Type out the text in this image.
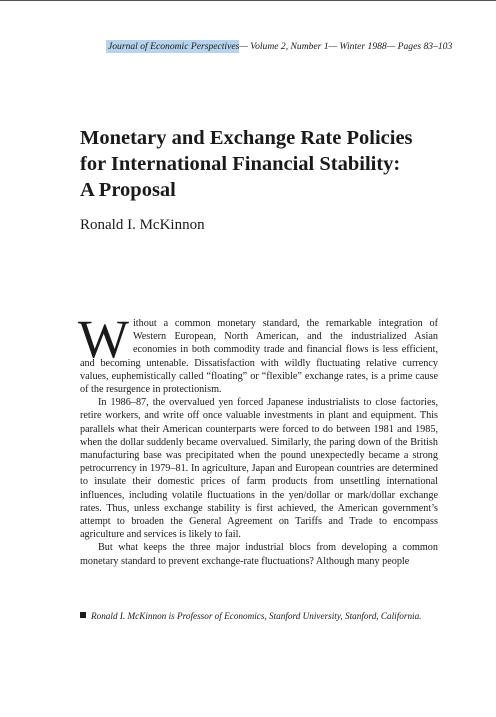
Journal of Economic Perspectives— Volume 2, Number 1— Winter 1988— Pages 83–103
Monetary and Exchange Rate Policies
for International Financial Stability:
A Proposal
Ronald I. McKinnon

Without a common monetary standard, the remarkable integration of Western European, North American, and the industrialized Asian economies in both commodity trade and financial flows is less efficient, and becoming untenable. Dissatisfaction with wildly fluctuating relative currency values, euphemistically called “floating” or “flexible” exchange rates, is a prime cause of the resurgence in protectionism.

In 1986–87, the overvalued yen forced Japanese industrialists to close factories, retire workers, and write off once valuable investments in plant and equipment. This parallels what their American counterparts were forced to do between 1981 and 1985, when the dollar suddenly became overvalued. Similarly, the paring down of the British manufacturing base was precipitated when the pound unexpectedly became a strong petrocurrency in 1979–81. In agriculture, Japan and European countries are determined to insulate their domestic prices of farm products from unsettling international influences, including volatile fluctuations in the yen/dollar or mark/dollar exchange rates. Thus, unless exchange stability is first achieved, the American government’s attempt to broaden the General Agreement on Tariffs and Trade to encompass agriculture and services is likely to fail.

But what keeps the three major industrial blocs from developing a common monetary standard to prevent exchange-rate fluctuations? Although many people

Ronald I. McKinnon is Professor of Economics, Stanford University, Stanford, California.
